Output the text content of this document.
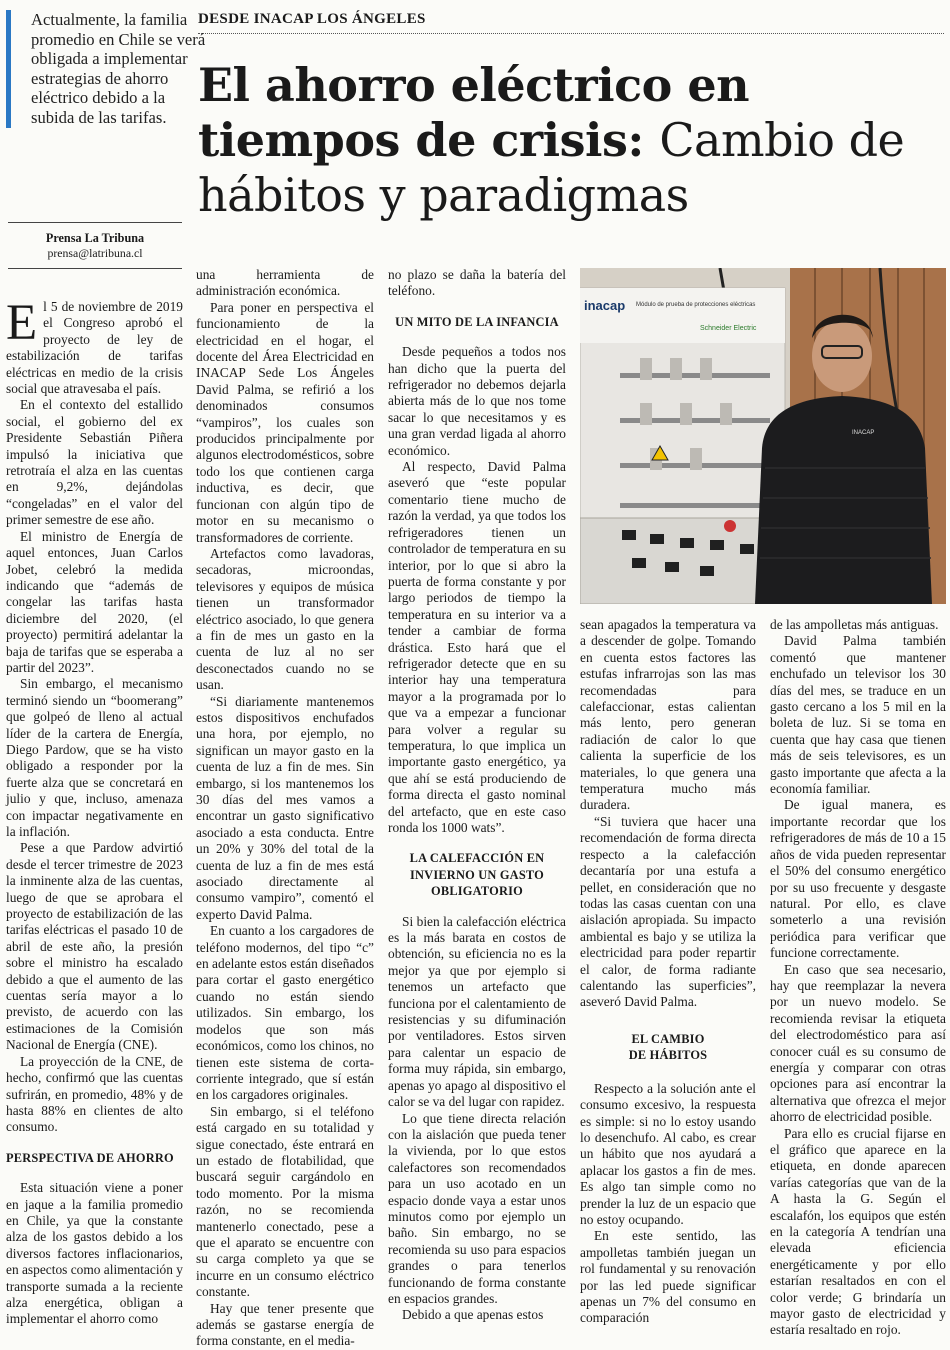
Actualmente, la familia promedio en Chile se verá obligada a implementar estrategias de ahorro eléctrico debido a la subida de las tarifas.
Prensa La Tribuna
prensa@latribuna.cl
DESDE INACAP LOS ÁNGELES
El ahorro eléctrico en tiempos de crisis: Cambio de hábitos y paradigmas

El 5 de noviembre de 2019 el Congreso aprobó el proyecto de ley de estabilización de tarifas eléctricas en medio de la crisis social que atravesaba el país.

En el contexto del estallido social, el gobierno del ex Presidente Sebastián Piñera impulsó la iniciativa que retrotraía el alza en las cuentas en 9,2%, dejándolas “congeladas” en el valor del primer semestre de ese año.

El ministro de Energía de aquel entonces, Juan Carlos Jobet, celebró la medida indicando que “además de congelar las tarifas hasta diciembre del 2020, (el proyecto) permitirá adelantar la baja de tarifas que se esperaba a partir del 2023”.

Sin embargo, el mecanismo terminó siendo un “boomerang” que golpeó de lleno al actual líder de la cartera de Energía, Diego Pardow, que se ha visto obligado a responder por la fuerte alza que se concretará en julio y que, incluso, amenaza con impactar negativamente en la inflación.

Pese a que Pardow advirtió desde el tercer trimestre de 2023 la inminente alza de las cuentas, luego de que se aprobara el proyecto de estabilización de las tarifas eléctricas el pasado 10 de abril de este año, la presión sobre el ministro ha escalado debido a que el aumento de las cuentas sería mayor a lo previsto, de acuerdo con las estimaciones de la Comisión Nacional de Energía (CNE).

La proyección de la CNE, de hecho, confirmó que las cuentas sufrirán, en promedio, 48% y de hasta 88% en clientes de alto consumo.

PERSPECTIVA DE AHORRO

Esta situación viene a poner en jaque a la familia promedio en Chile, ya que la constante alza de los gastos debido a los diversos factores inflacionarios, en aspectos como alimentación y transporte sumada a la reciente alza energética, obligan a implementar el ahorro como

una herramienta de administración económica.

Para poner en perspectiva el funcionamiento de la electricidad en el hogar, el docente del Área Electricidad en INACAP Sede Los Ángeles David Palma, se refirió a los denominados consumos “vampiros”, los cuales son producidos principalmente por algunos electrodomésticos, sobre todo los que contienen carga inductiva, es decir, que funcionan con algún tipo de motor en su mecanismo o transformadores de corriente.

Artefactos como lavadoras, secadoras, microondas, televisores y equipos de música tienen un transformador eléctrico asociado, lo que genera a fin de mes un gasto en la cuenta de luz al no ser desconectados cuando no se usan.

“Si diariamente mantenemos estos dispositivos enchufados una hora, por ejemplo, no significan un mayor gasto en la cuenta de luz a fin de mes. Sin embargo, si los mantenemos los 30 días del mes vamos a encontrar un gasto significativo asociado a esta conducta. Entre un 20% y 30% del total de la cuenta de luz a fin de mes está asociado directamente al consumo vampiro”, comentó el experto David Palma.

En cuanto a los cargadores de teléfono modernos, del tipo “c” en adelante estos están diseñados para cortar el gasto energético cuando no están siendo utilizados. Sin embargo, los modelos que son más económicos, como los chinos, no tienen este sistema de corta-corriente integrado, que sí están en los cargadores originales.

Sin embargo, si el teléfono está cargado en su totalidad y sigue conectado, éste entrará en un estado de flotabilidad, que buscará seguir cargándolo en todo momento. Por la misma razón, no se recomienda mantenerlo conectado, pese a que el aparato se encuentre con su carga completo ya que se incurre en un consumo eléctrico constante.

Hay que tener presente que además se gastarse energía de forma constante, en el media-

no plazo se daña la batería del teléfono.

UN MITO DE LA INFANCIA

Desde pequeños a todos nos han dicho que la puerta del refrigerador no debemos dejarla abierta más de lo que nos tome sacar lo que necesitamos y es una gran verdad ligada al ahorro económico.

Al respecto, David Palma aseveró que “este popular comentario tiene mucho de razón la verdad, ya que todos los refrigeradores tienen un controlador de temperatura en su interior, por lo que si abro la puerta de forma constante y por largo periodos de tiempo la temperatura en su interior va a tender a cambiar de forma drástica. Esto hará que el refrigerador detecte que en su interior hay una temperatura mayor a la programada por lo que va a empezar a funcionar para volver a regular su temperatura, lo que implica un importante gasto energético, ya que ahí se está produciendo de forma directa el gasto nominal del artefacto, que en este caso ronda los 1000 wats”.

LA CALEFACCIÓN EN INVIERNO UN GASTO OBLIGATORIO

Si bien la calefacción eléctrica es la más barata en costos de obtención, su eficiencia no es la mejor ya que por ejemplo si tenemos un artefacto que funciona por el calentamiento de resistencias y su difuminación por ventiladores. Estos sirven para calentar un espacio de forma muy rápida, sin embargo, apenas yo apago al dispositivo el calor se va del lugar con rapidez.

Lo que tiene directa relación con la aislación que pueda tener la vivienda, por lo que estos calefactores son recomendados para un uso acotado en un espacio donde vaya a estar unos minutos como por ejemplo un baño. Sin embargo, no se recomienda su uso para espacios grandes o para tenerlos funcionando de forma constante en espacios grandes.

Debido a que apenas estos

inacap Módulo de prueba de protecciones eléctricas
Schneider Electric
INACAP

sean apagados la temperatura va a descender de golpe. Tomando en cuenta estos factores las estufas infrarrojas son las mas recomendadas para calefaccionar, estas calientan más lento, pero generan radiación de calor lo que calienta la superficie de los materiales, lo que genera una temperatura mucho más duradera.

“Si tuviera que hacer una recomendación de forma directa respecto a la calefacción decantaría por una estufa a pellet, en consideración que no todas las casas cuentan con una aislación apropiada. Su impacto ambiental es bajo y se utiliza la electricidad para poder repartir el calor, de forma radiante calentando las superficies”, aseveró David Palma.

EL CAMBIO
DE HÁBITOS

Respecto a la solución ante el consumo excesivo, la respuesta es simple: si no lo estoy usando lo desenchufo. Al cabo, es crear un hábito que nos ayudará a aplacar los gastos a fin de mes. Es algo tan simple como no prender la luz de un espacio que no estoy ocupando.

En este sentido, las ampolletas también juegan un rol fundamental y su renovación por las led puede significar apenas un 7% del consumo en comparación

de las ampolletas más antiguas.

David Palma también comentó que mantener enchufado un televisor los 30 días del mes, se traduce en un gasto cercano a los 5 mil en la boleta de luz. Si se toma en cuenta que hay casa que tienen más de seis televisores, es un gasto importante que afecta a la economía familiar.

De igual manera, es importante recordar que los refrigeradores de más de 10 a 15 años de vida pueden representar el 50% del consumo energético por su uso frecuente y desgaste natural. Por ello, es clave someterlo a una revisión periódica para verificar que funcione correctamente.

En caso que sea necesario, hay que reemplazar la nevera por un nuevo modelo. Se recomienda revisar la etiqueta del electrodoméstico para así conocer cuál es su consumo de energía y comparar con otras opciones para así encontrar la alternativa que ofrezca el mejor ahorro de electricidad posible.

Para ello es crucial fijarse en el gráfico que aparece en la etiqueta, en donde aparecen varías categorías que van de la A hasta la G. Según el escalafón, los equipos que estén en la categoría A tendrían una elevada eficiencia energéticamente y por ello estarían resaltados en con el color verde; G brindaría un mayor gasto de electricidad y estaría resaltado en rojo.
